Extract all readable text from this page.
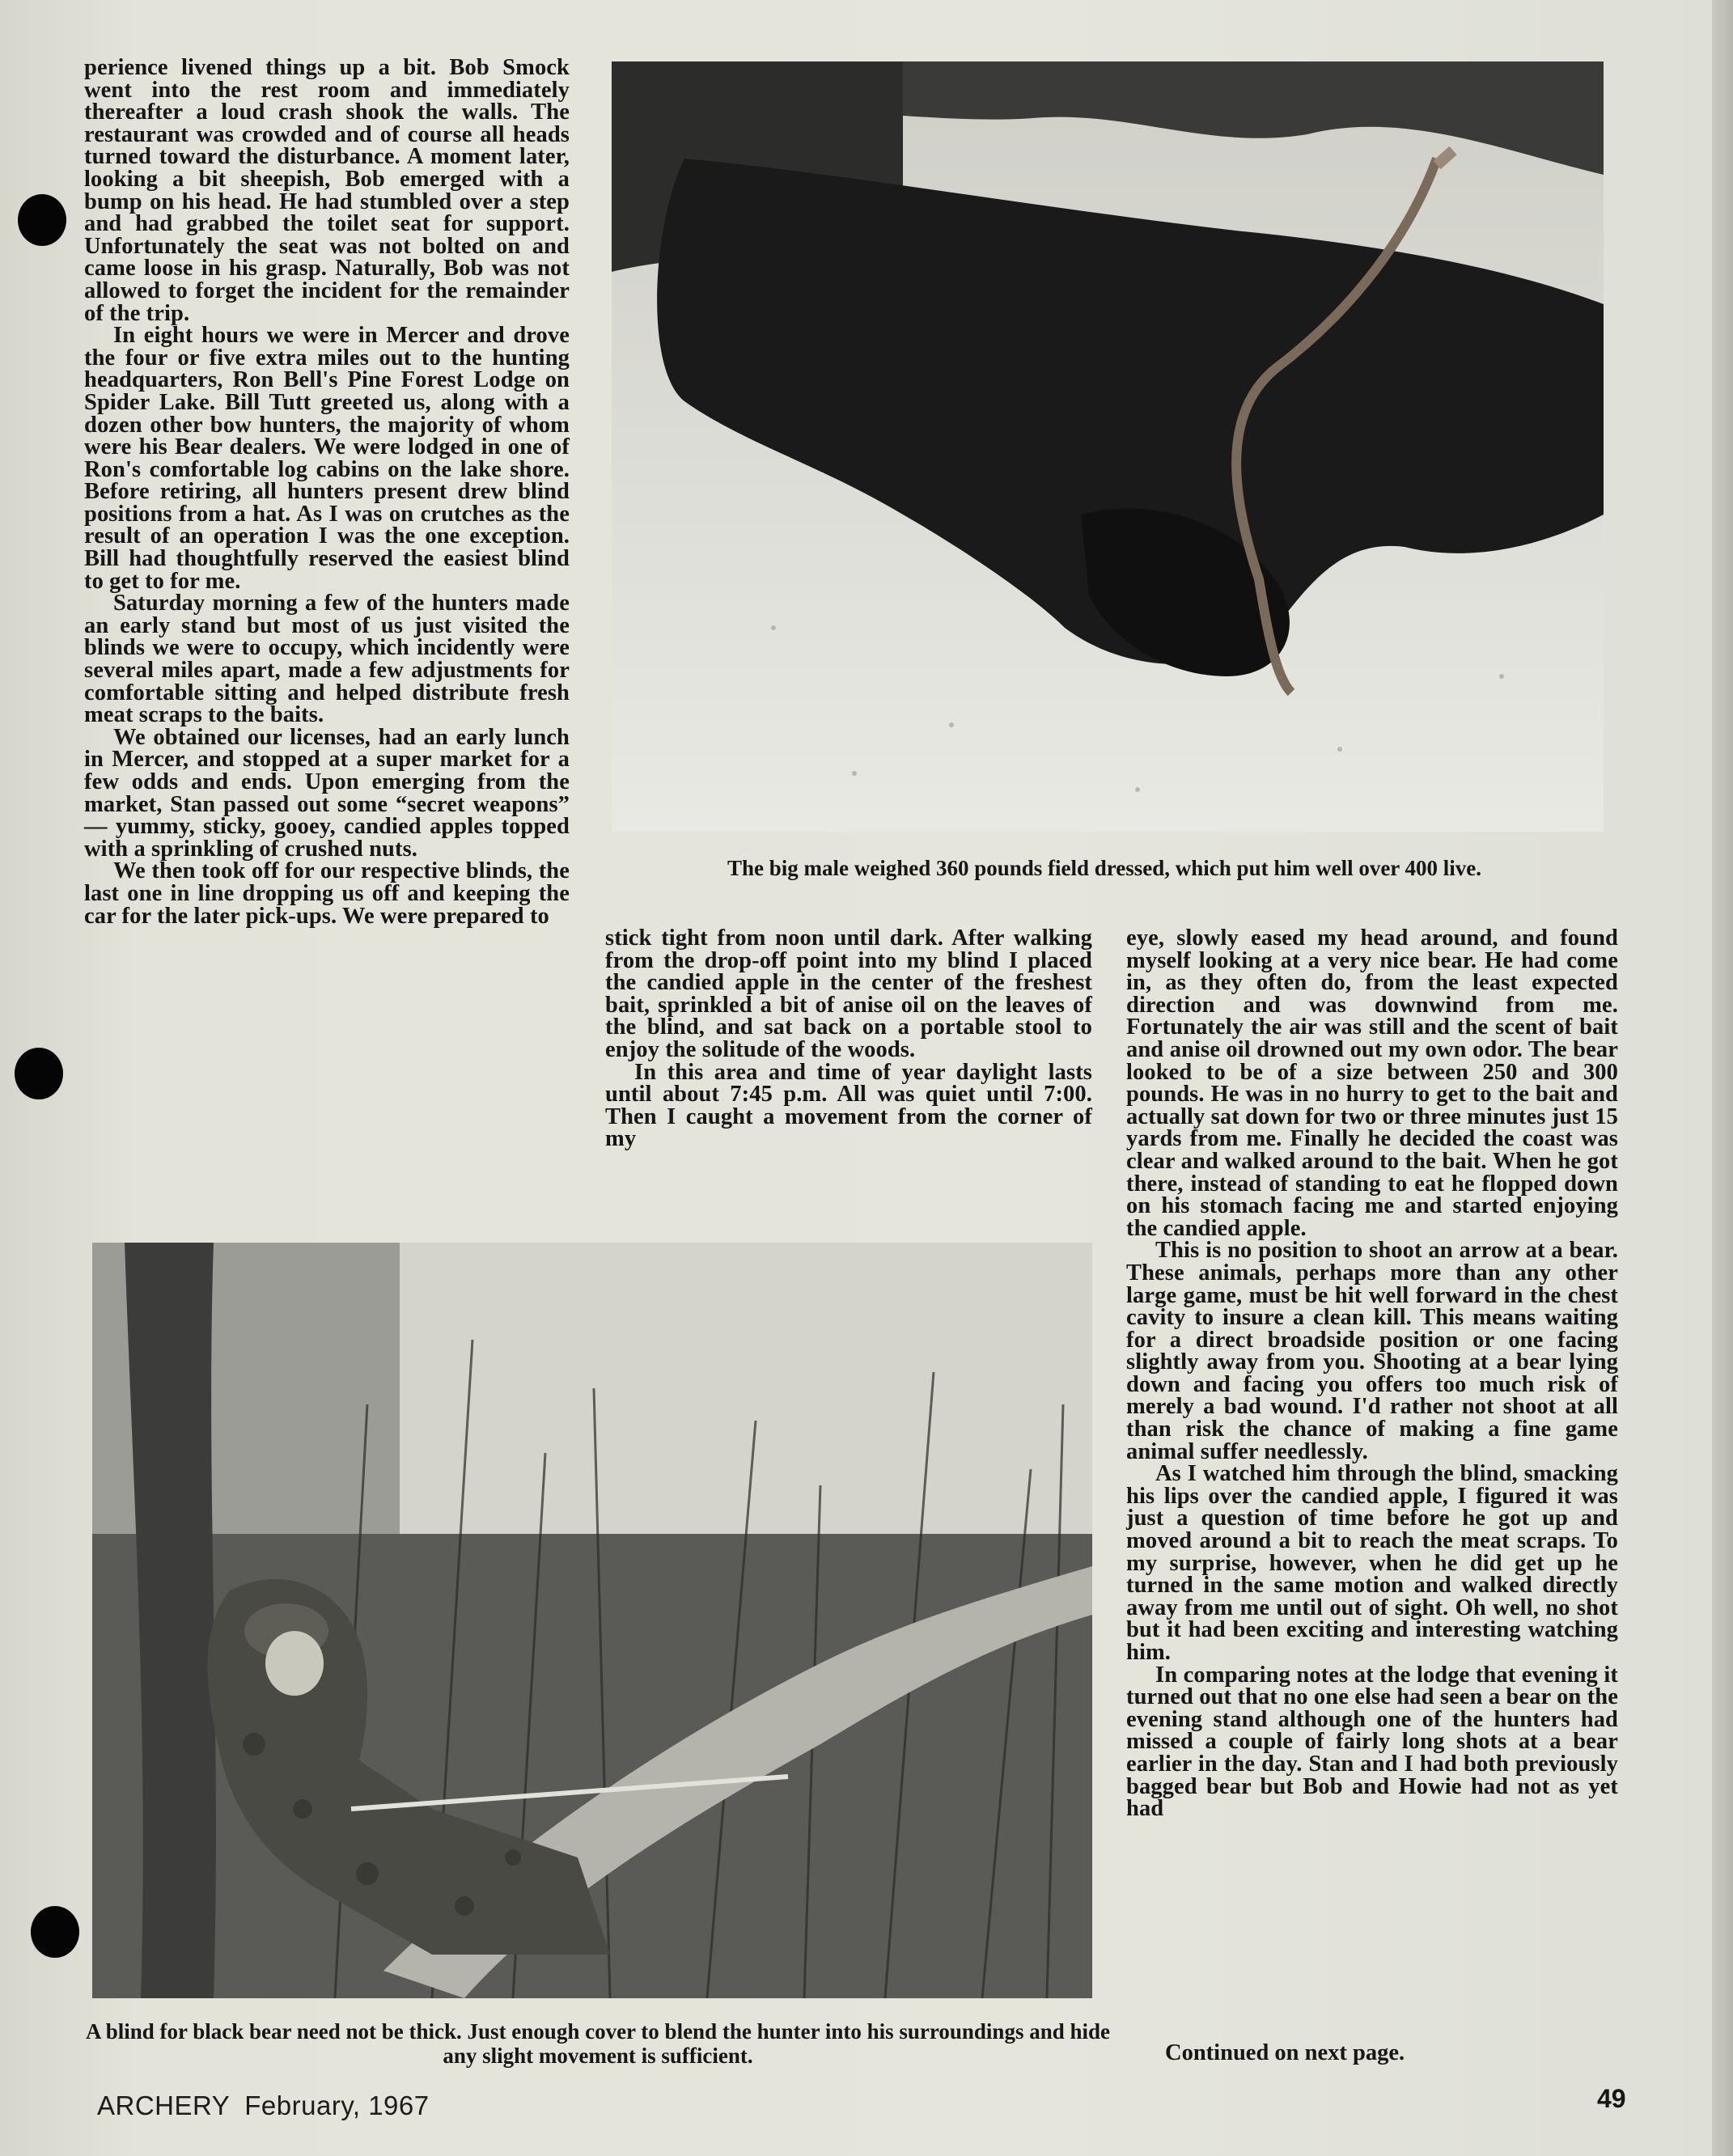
perience livened things up a bit. Bob Smock went into the rest room and immediately thereafter a loud crash shook the walls. The restaurant was crowded and of course all heads turned toward the disturbance. A moment later, looking a bit sheepish, Bob emerged with a bump on his head. He had stumbled over a step and had grabbed the toilet seat for support. Unfortunately the seat was not bolted on and came loose in his grasp. Naturally, Bob was not allowed to forget the incident for the remainder of the trip.

In eight hours we were in Mercer and drove the four or five extra miles out to the hunting headquarters, Ron Bell's Pine Forest Lodge on Spider Lake. Bill Tutt greeted us, along with a dozen other bow hunters, the majority of whom were his Bear dealers. We were lodged in one of Ron's comfortable log cabins on the lake shore. Before retiring, all hunters present drew blind positions from a hat. As I was on crutches as the result of an operation I was the one exception. Bill had thoughtfully reserved the easiest blind to get to for me.

Saturday morning a few of the hunters made an early stand but most of us just visited the blinds we were to occupy, which incidently were several miles apart, made a few adjustments for comfortable sitting and helped distribute fresh meat scraps to the baits.

We obtained our licenses, had an early lunch in Mercer, and stopped at a super market for a few odds and ends. Upon emerging from the market, Stan passed out some “secret weapons” — yummy, sticky, gooey, candied apples topped with a sprinkling of crushed nuts.

We then took off for our respective blinds, the last one in line dropping us off and keeping the car for the later pick-ups. We were prepared to

The big male weighed 360 pounds field dressed, which put him well over 400 live.

stick tight from noon until dark. After walking from the drop-off point into my blind I placed the candied apple in the center of the freshest bait, sprinkled a bit of anise oil on the leaves of the blind, and sat back on a portable stool to enjoy the solitude of the woods.

In this area and time of year daylight lasts until about 7:45 p.m. All was quiet until 7:00. Then I caught a movement from the corner of my

eye, slowly eased my head around, and found myself looking at a very nice bear. He had come in, as they often do, from the least expected direction and was downwind from me. Fortunately the air was still and the scent of bait and anise oil drowned out my own odor. The bear looked to be of a size between 250 and 300 pounds. He was in no hurry to get to the bait and actually sat down for two or three minutes just 15 yards from me. Finally he decided the coast was clear and walked around to the bait. When he got there, instead of standing to eat he flopped down on his stomach facing me and started enjoying the candied apple.

This is no position to shoot an arrow at a bear. These animals, perhaps more than any other large game, must be hit well forward in the chest cavity to insure a clean kill. This means waiting for a direct broadside position or one facing slightly away from you. Shooting at a bear lying down and facing you offers too much risk of merely a bad wound. I'd rather not shoot at all than risk the chance of making a fine game animal suffer needlessly.

As I watched him through the blind, smacking his lips over the candied apple, I figured it was just a question of time before he got up and moved around a bit to reach the meat scraps. To my surprise, however, when he did get up he turned in the same motion and walked directly away from me until out of sight. Oh well, no shot but it had been exciting and interesting watching him.

In comparing notes at the lodge that evening it turned out that no one else had seen a bear on the evening stand although one of the hunters had missed a couple of fairly long shots at a bear earlier in the day. Stan and I had both previously bagged bear but Bob and Howie had not as yet had

Continued on next page.
A blind for black bear need not be thick. Just enough cover to blend the hunter into his surroundings and hide any slight movement is sufficient.
ARCHERY February, 1967	49
